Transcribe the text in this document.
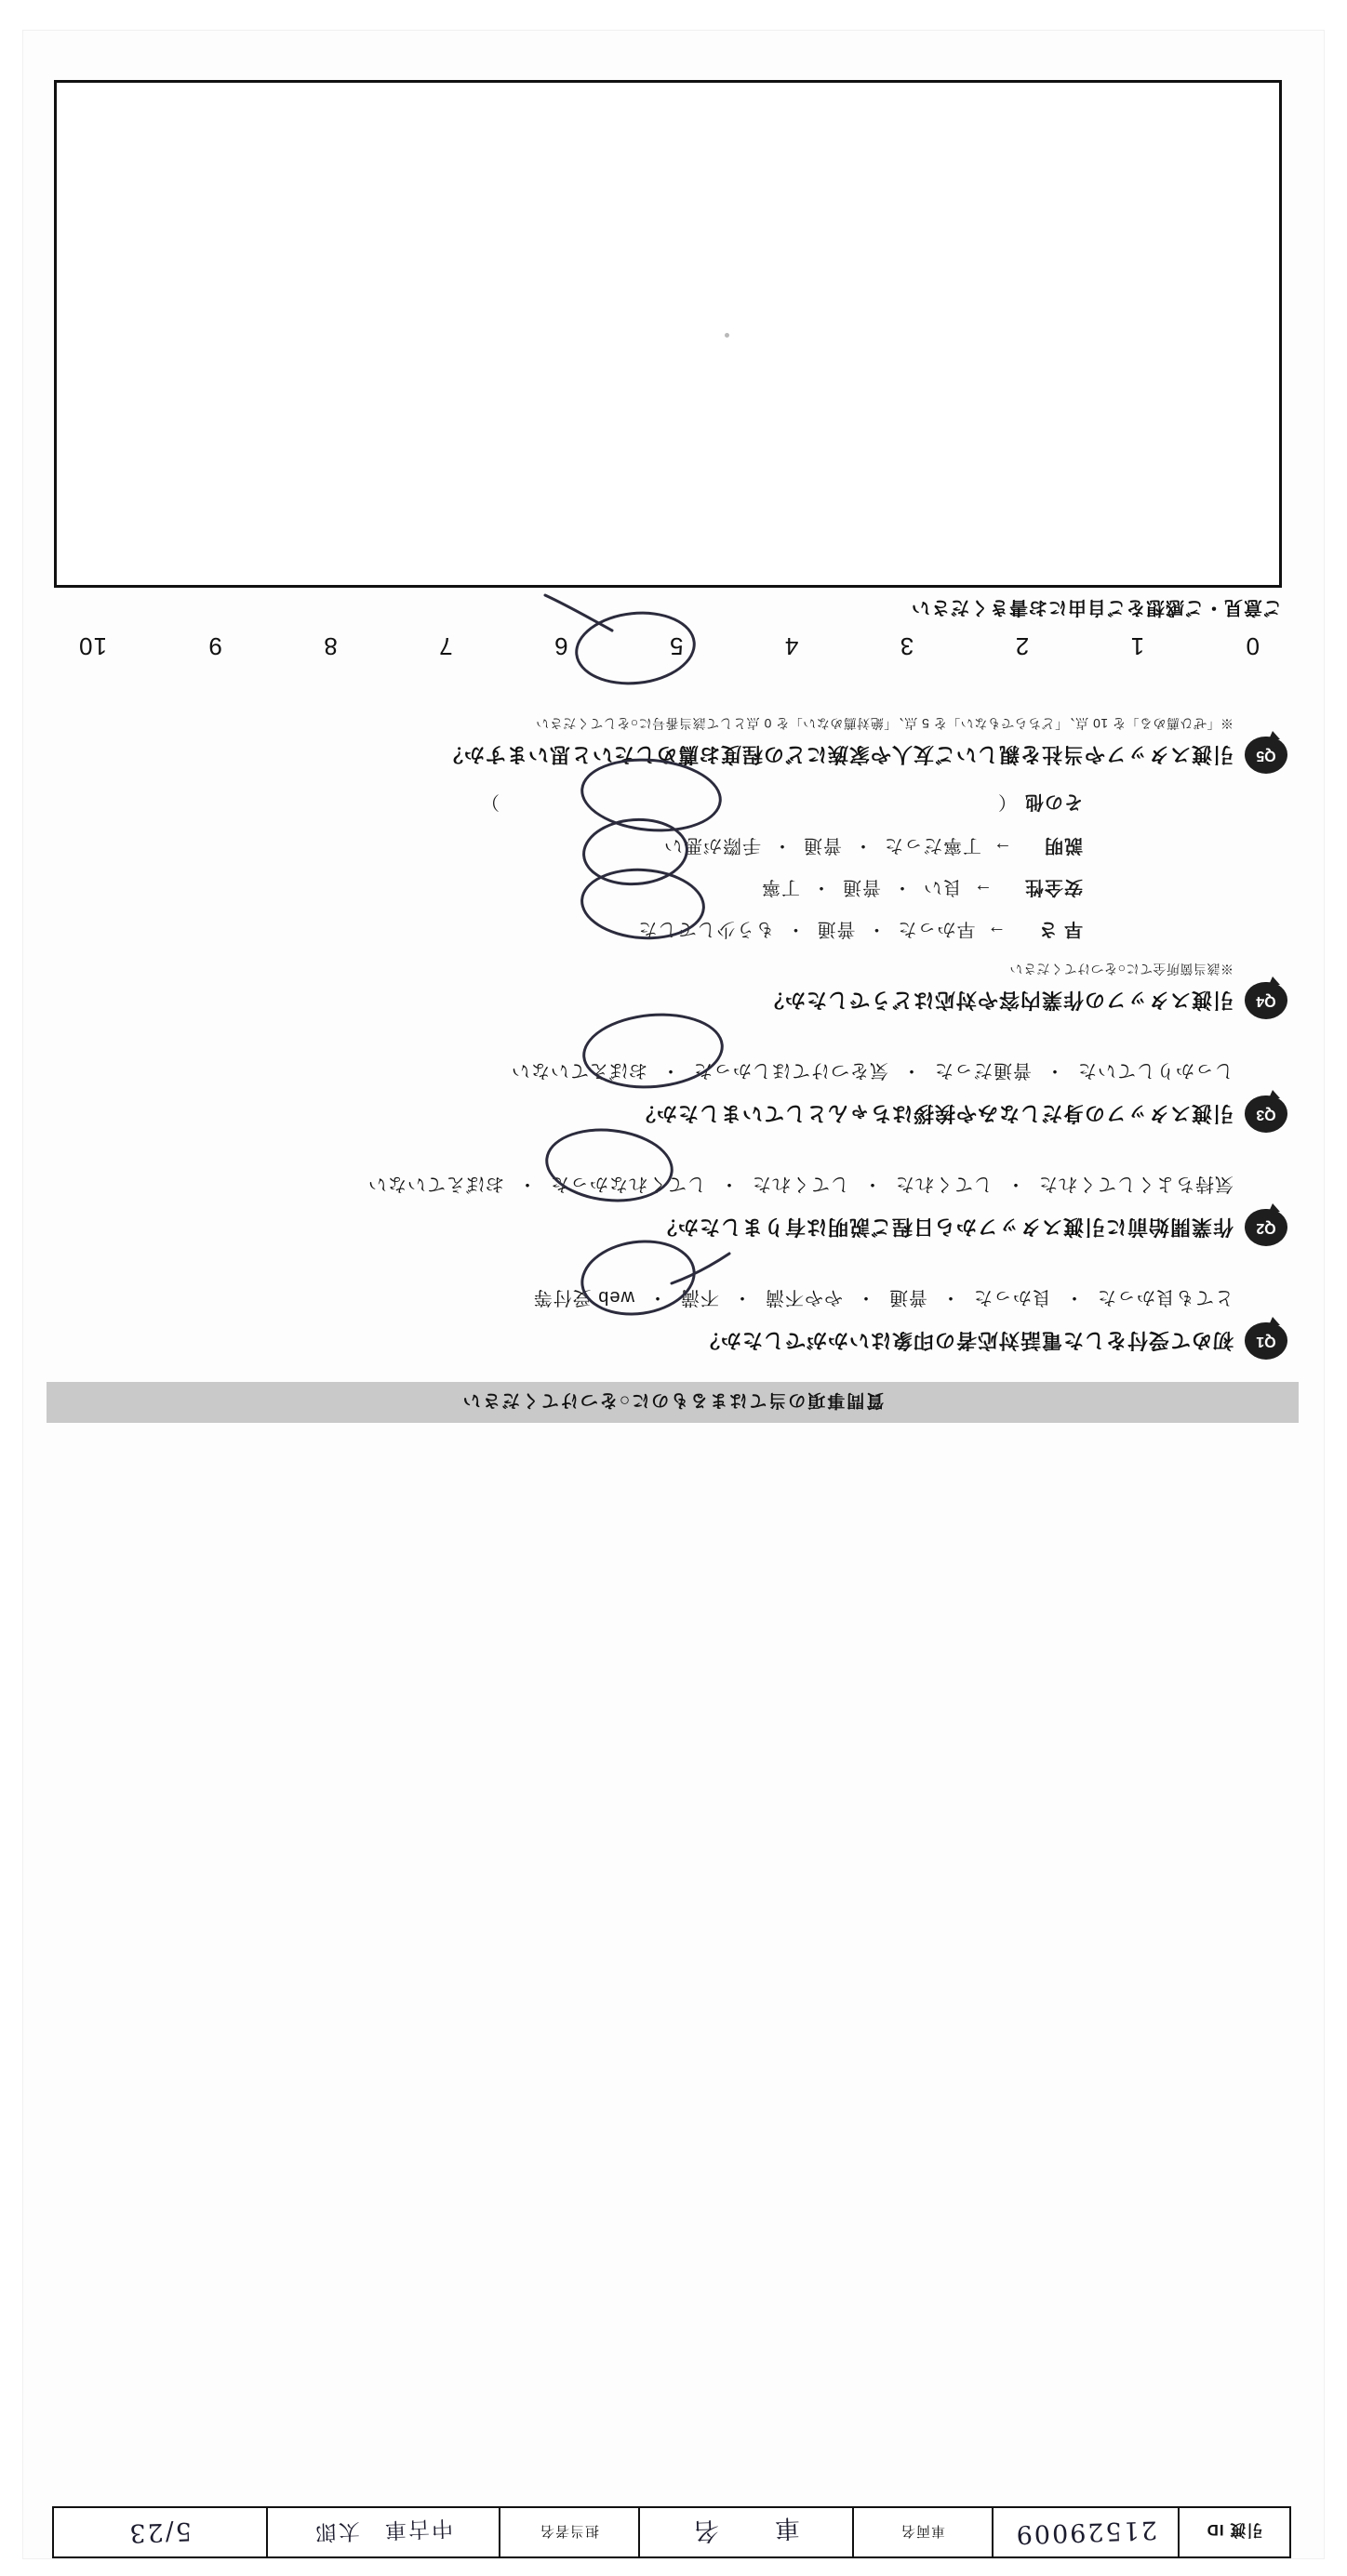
引渡 ID
21529009
車両名
車　　名
担当者名
中古車　太郎
5/23
質問事項の当てはまるものに○をつけてください
Q1
初めて受付をした電話対応者の印象はいかがでしたか？
とても良かった
・
良かった
・
普通
・
やや不満
・
不満
・
web 受付等
Q2
作業開始前に引渡スタッフから日程ご説明は有りましたか？
気持ちよくしてくれた
・
してくれた
・
してくれた
・
してくれなかった
・
おぼえていない
Q3
引渡スタッフの身だしなみや挨拶はちゃんとしていましたか？
しっかりしていた
・
普通だった
・
気をつけてほしかった
・
おぼえていない
Q4
引渡スタッフの作業内容や対応はどうでしたか？
※該当箇所全てに○をつけてください
早 さ
→
早かった
・
普通
・
もう少しでした
安全性
→
良い
・
普通
・
丁寧
説明
→
丁寧だった
・
普通
・
手際が悪い
その他
（
）
Q5
引渡スタッフや当社を親しいご友人や家族にどの程度お薦めしたいと思いますか？
※「ぜひ薦める」を 10 点、「どちらでもない」を 5 点、「絶対薦めない」を 0 点として該当番号に○をしてください
0
1
2
3
4
5
6
7
8
9
10
ご意見・ご感想をご自由にお書きください
